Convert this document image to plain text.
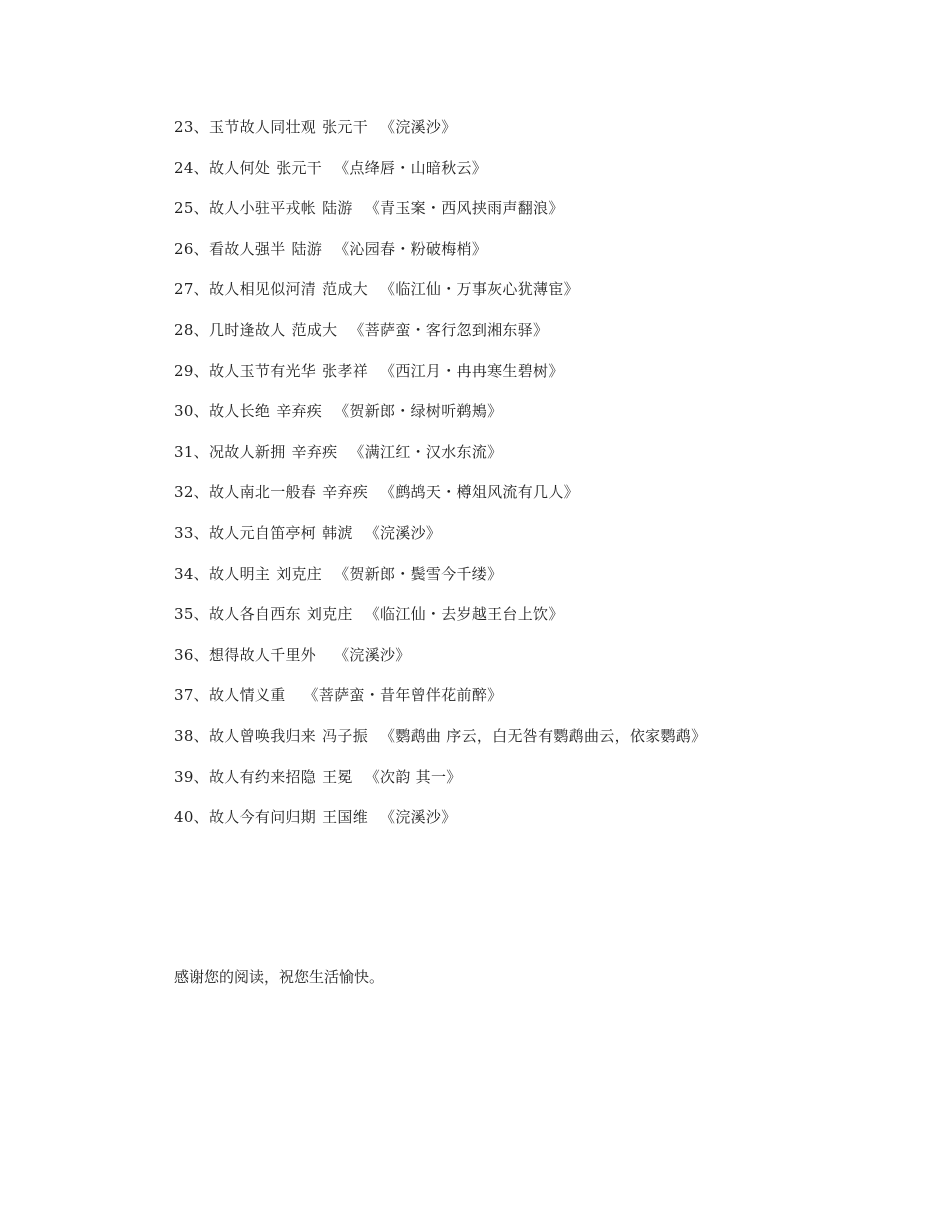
23、玉节故人同壮观 张元干 《浣溪沙》
24、故人何处 张元干 《点绛唇・山暗秋云》
25、故人小驻平戎帐 陆游 《青玉案・西风挟雨声翻浪》
26、看故人强半 陆游 《沁园春・粉破梅梢》
27、故人相见似河清 范成大 《临江仙・万事灰心犹薄宦》
28、几时逢故人 范成大 《菩萨蛮・客行忽到湘东驿》
29、故人玉节有光华 张孝祥 《西江月・冉冉寒生碧树》
30、故人长绝 辛弃疾 《贺新郎・绿树听鹈鴂》
31、况故人新拥 辛弃疾 《满江红・汉水东流》
32、故人南北一般春 辛弃疾 《鹧鸪天・樽俎风流有几人》
33、故人元自笛亭柯 韩淲 《浣溪沙》
34、故人明主 刘克庄 《贺新郎・鬓雪今千缕》
35、故人各自西东 刘克庄 《临江仙・去岁越王台上饮》
36、想得故人千里外 《浣溪沙》
37、故人情义重 《菩萨蛮・昔年曾伴花前醉》
38、故人曾唤我归来 冯子振 《鹦鹉曲 序云，白无咎有鹦鹉曲云，依家鹦鹉》
39、故人有约来招隐 王冕 《次韵 其一》
40、故人今有问归期 王国维 《浣溪沙》
感谢您的阅读，祝您生活愉快。
